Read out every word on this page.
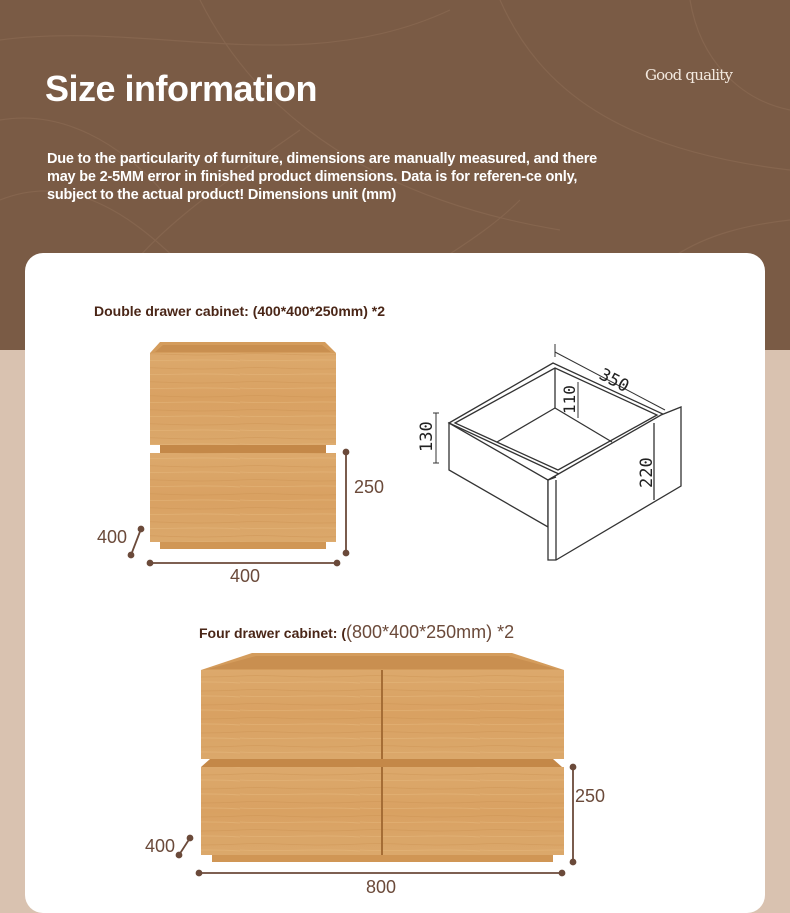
Size information	Good quality
Due to the particularity of furniture, dimensions are manually measured, and there may be 2-5MM error in finished product dimensions. Data is for referen-ce only, subject to the actual product! Dimensions unit (mm)
Double drawer cabinet: (400*400*250mm) *2
Four drawer cabinet: ((800*400*250mm) *2
350
110
130
220
400
400
250
400
800
250
